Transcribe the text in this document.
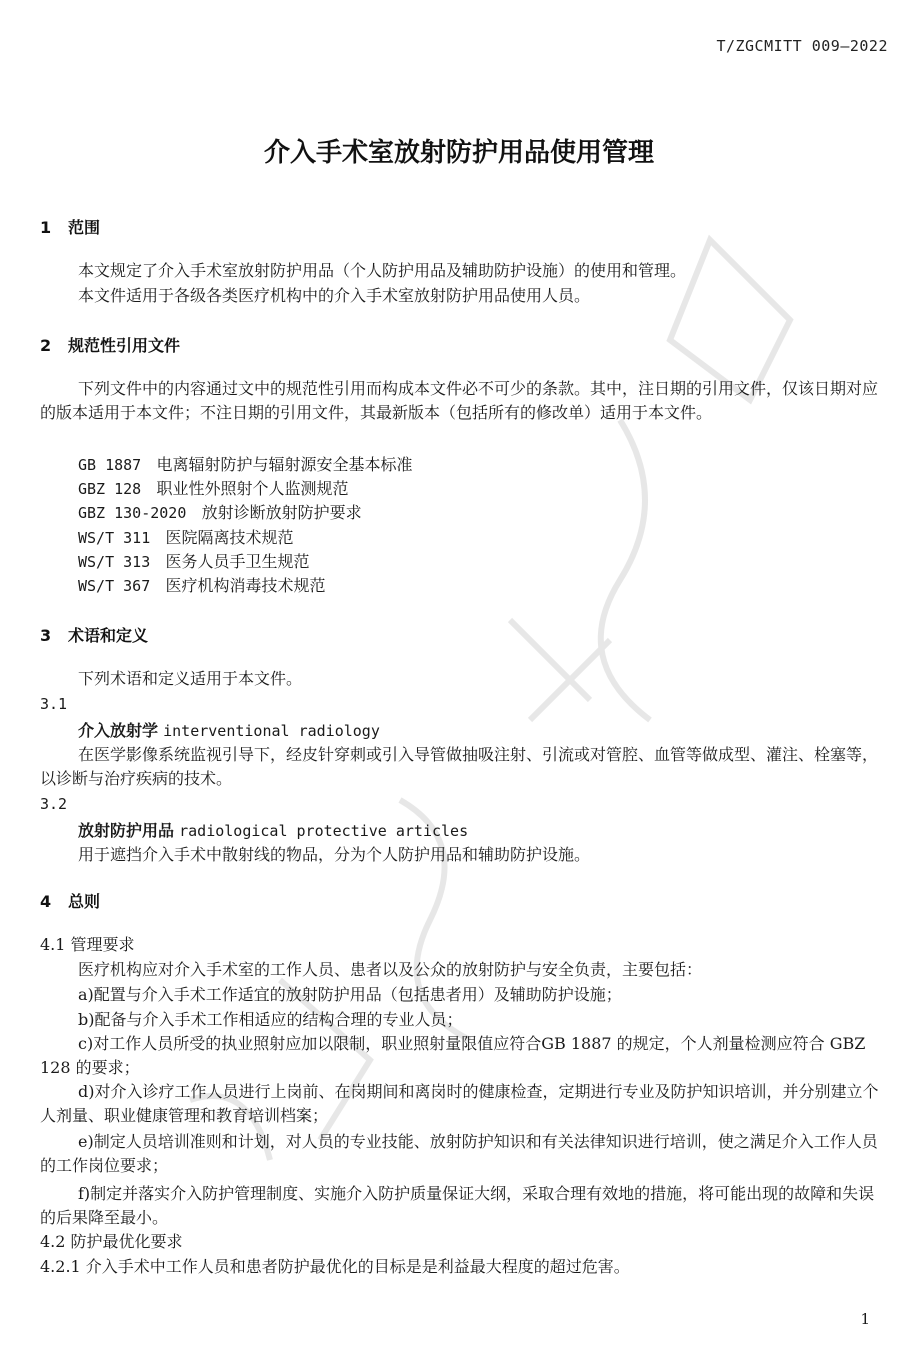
T/ZGCMITT 009—2022
介入手术室放射防护用品使用管理
1 范围
本文规定了介入手术室放射防护用品（个人防护用品及辅助防护设施）的使用和管理。
本文件适用于各级各类医疗机构中的介入手术室放射防护用品使用人员。
2 规范性引用文件
下列文件中的内容通过文中的规范性引用而构成本文件必不可少的条款。其中，注日期的引用文件，仅该日期对应的版本适用于本文件；不注日期的引用文件，其最新版本（包括所有的修改单）适用于本文件。
GB 1887 电离辐射防护与辐射源安全基本标准
GBZ 128 职业性外照射个人监测规范
GBZ 130-2020 放射诊断放射防护要求
WS/T 311 医院隔离技术规范
WS/T 313 医务人员手卫生规范
WS/T 367 医疗机构消毒技术规范
3 术语和定义
下列术语和定义适用于本文件。
3.1
介入放射学 interventional radiology
在医学影像系统监视引导下，经皮针穿刺或引入导管做抽吸注射、引流或对管腔、血管等做成型、灌注、栓塞等，以诊断与治疗疾病的技术。
3.2
放射防护用品 radiological protective articles
用于遮挡介入手术中散射线的物品，分为个人防护用品和辅助防护设施。
4 总则
4.1 管理要求
医疗机构应对介入手术室的工作人员、患者以及公众的放射防护与安全负责，主要包括：
a)配置与介入手术工作适宜的放射防护用品（包括患者用）及辅助防护设施；
b)配备与介入手术工作相适应的结构合理的专业人员；
c)对工作人员所受的执业照射应加以限制，职业照射量限值应符合GB 1887 的规定，个人剂量检测应符合 GBZ 128 的要求；
d)对介入诊疗工作人员进行上岗前、在岗期间和离岗时的健康检查，定期进行专业及防护知识培训，并分别建立个人剂量、职业健康管理和教育培训档案；
e)制定人员培训准则和计划，对人员的专业技能、放射防护知识和有关法律知识进行培训，使之满足介入工作人员的工作岗位要求；
f)制定并落实介入防护管理制度、实施介入防护质量保证大纲，采取合理有效地的措施，将可能出现的故障和失误的后果降至最小。
4.2 防护最优化要求
4.2.1 介入手术中工作人员和患者防护最优化的目标是是利益最大程度的超过危害。
1
